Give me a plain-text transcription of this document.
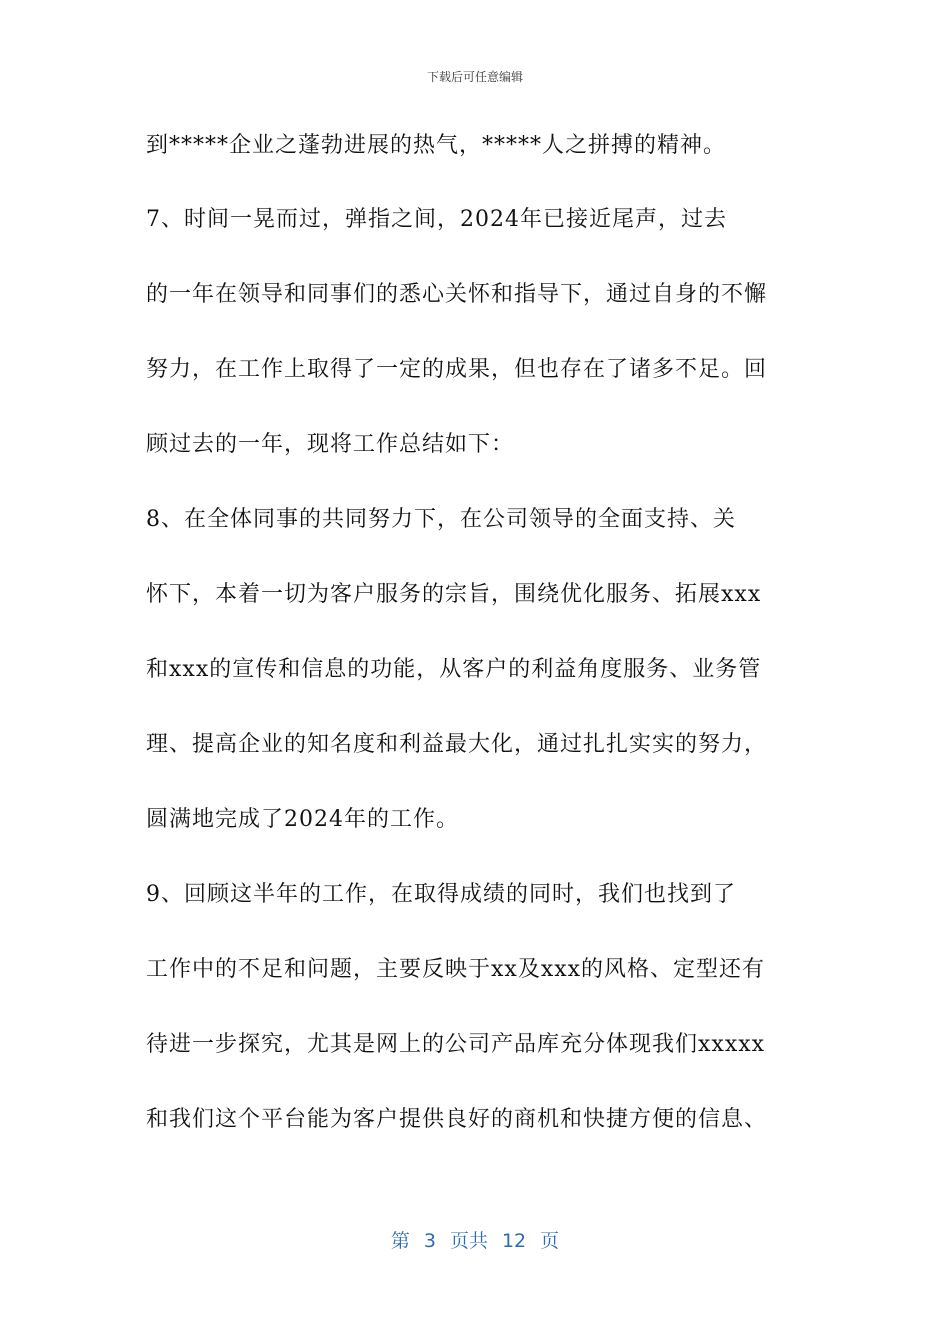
下载后可任意编辑
到*****企业之蓬勃进展的热气，*****人之拼搏的精神。
7、时间一晃而过，弹指之间，2024年已接近尾声，过去
的一年在领导和同事们的悉心关怀和指导下，通过自身的不懈
努力，在工作上取得了一定的成果，但也存在了诸多不足。回
顾过去的一年，现将工作总结如下：
8、在全体同事的共同努力下，在公司领导的全面支持、关
怀下，本着一切为客户服务的宗旨，围绕优化服务、拓展xxx
和xxx的宣传和信息的功能，从客户的利益角度服务、业务管
理、提高企业的知名度和利益最大化，通过扎扎实实的努力，
圆满地完成了2024年的工作。
9、回顾这半年的工作，在取得成绩的同时，我们也找到了
工作中的不足和问题，主要反映于xx及xxx的风格、定型还有
待进一步探究，尤其是网上的公司产品库充分体现我们xxxxx
和我们这个平台能为客户提供良好的商机和快捷方便的信息、
第 3 页共 12 页
